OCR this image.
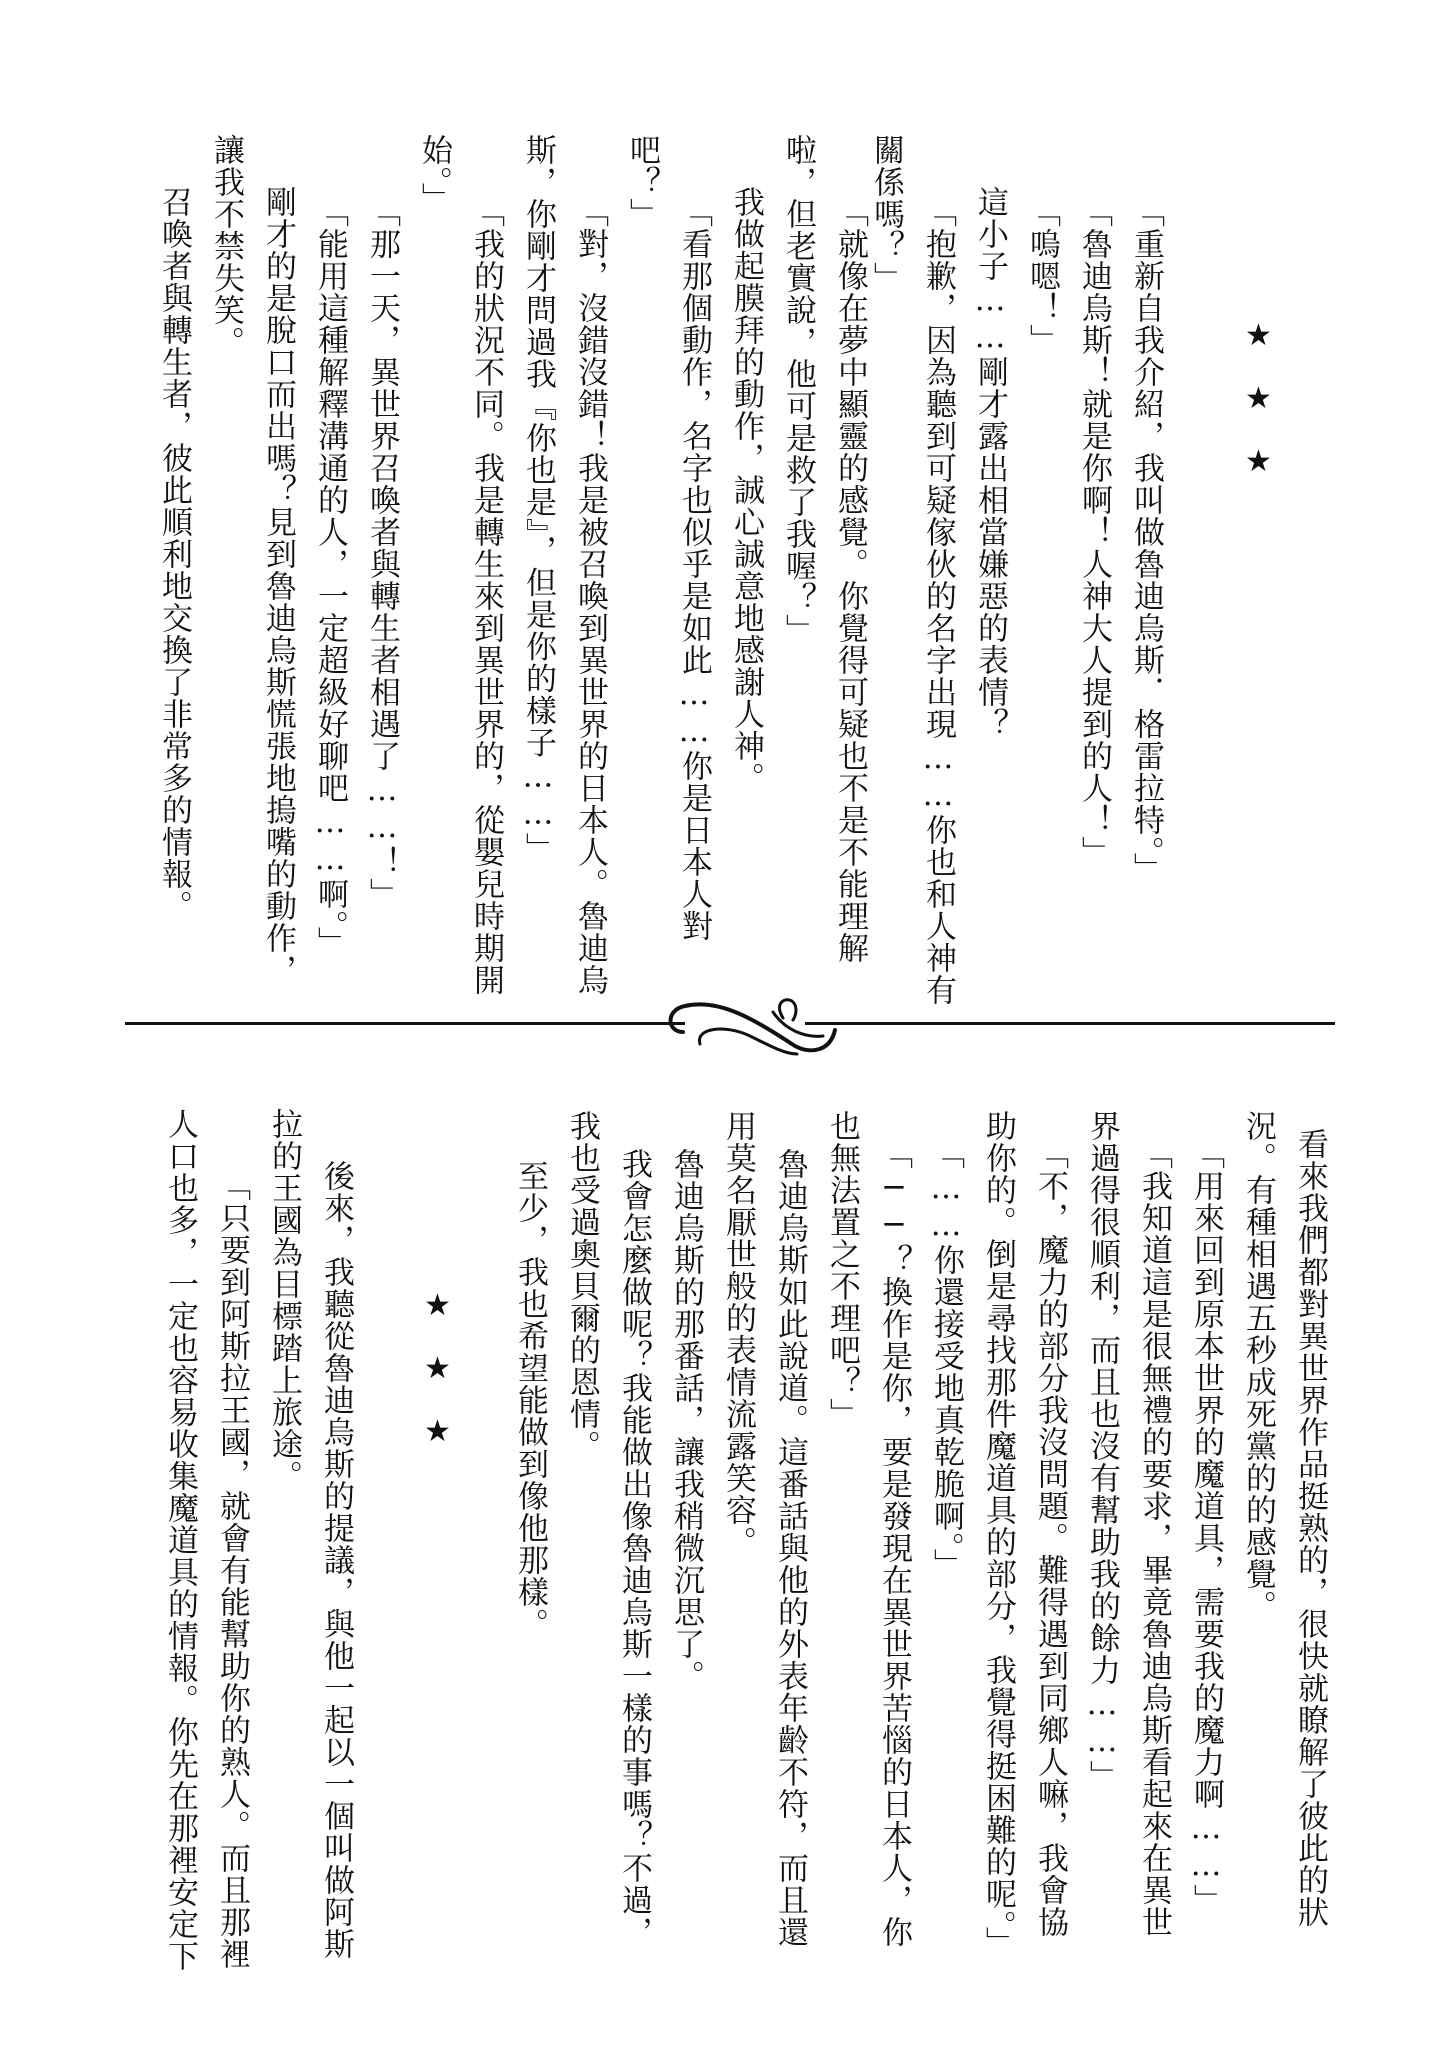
★★★
「重新自我介紹，我叫做魯迪烏斯．格雷拉特。」
「魯迪烏斯！就是你啊！人神大人提到的人！」
「嗚嗯！」
這小子……剛才露出相當嫌惡的表情？
「抱歉，因為聽到可疑傢伙的名字出現……你也和人神有
關係嗎？」
「就像在夢中顯靈的感覺。你覺得可疑也不是不能理解
啦，但老實說，他可是救了我喔？」
我做起膜拜的動作，誠心誠意地感謝人神。
「看那個動作，名字也似乎是如此……你是日本人對
吧？」
「對，沒錯沒錯！我是被召喚到異世界的日本人。魯迪烏
斯，你剛才問過我『你也是』，但是你的樣子……」
「我的狀況不同。我是轉生來到異世界的，從嬰兒時期開
始。」
「那一天，異世界召喚者與轉生者相遇了……！」
「能用這種解釋溝通的人，一定超級好聊吧……啊。」
剛才的是脫口而出嗎？見到魯迪烏斯慌張地摀嘴的動作，
讓我不禁失笑。
召喚者與轉生者，彼此順利地交換了非常多的情報。
看來我們都對異世界作品挺熟的，很快就瞭解了彼此的狀
況。有種相遇五秒成死黨的的感覺。
「用來回到原本世界的魔道具，需要我的魔力啊……」
「我知道這是很無禮的要求，畢竟魯迪烏斯看起來在異世
界過得很順利，而且也沒有幫助我的餘力……」
「不，魔力的部分我沒問題。難得遇到同鄉人嘛，我會協
助你的。倒是尋找那件魔道具的部分，我覺得挺困難的呢。」
「……你還接受地真乾脆啊。」
「──？換作是你，要是發現在異世界苦惱的日本人，你
也無法置之不理吧？」
魯迪烏斯如此說道。這番話與他的外表年齡不符，而且還
用莫名厭世般的表情流露笑容。
魯迪烏斯的那番話，讓我稍微沉思了。
我會怎麼做呢？我能做出像魯迪烏斯一樣的事嗎？不過，
我也受過奧貝爾的恩情。
至少，我也希望能做到像他那樣。
★★★
後來，我聽從魯迪烏斯的提議，與他一起以一個叫做阿斯
拉的王國為目標踏上旅途。
「只要到阿斯拉王國，就會有能幫助你的熟人。而且那裡
人口也多，一定也容易收集魔道具的情報。你先在那裡安定下
